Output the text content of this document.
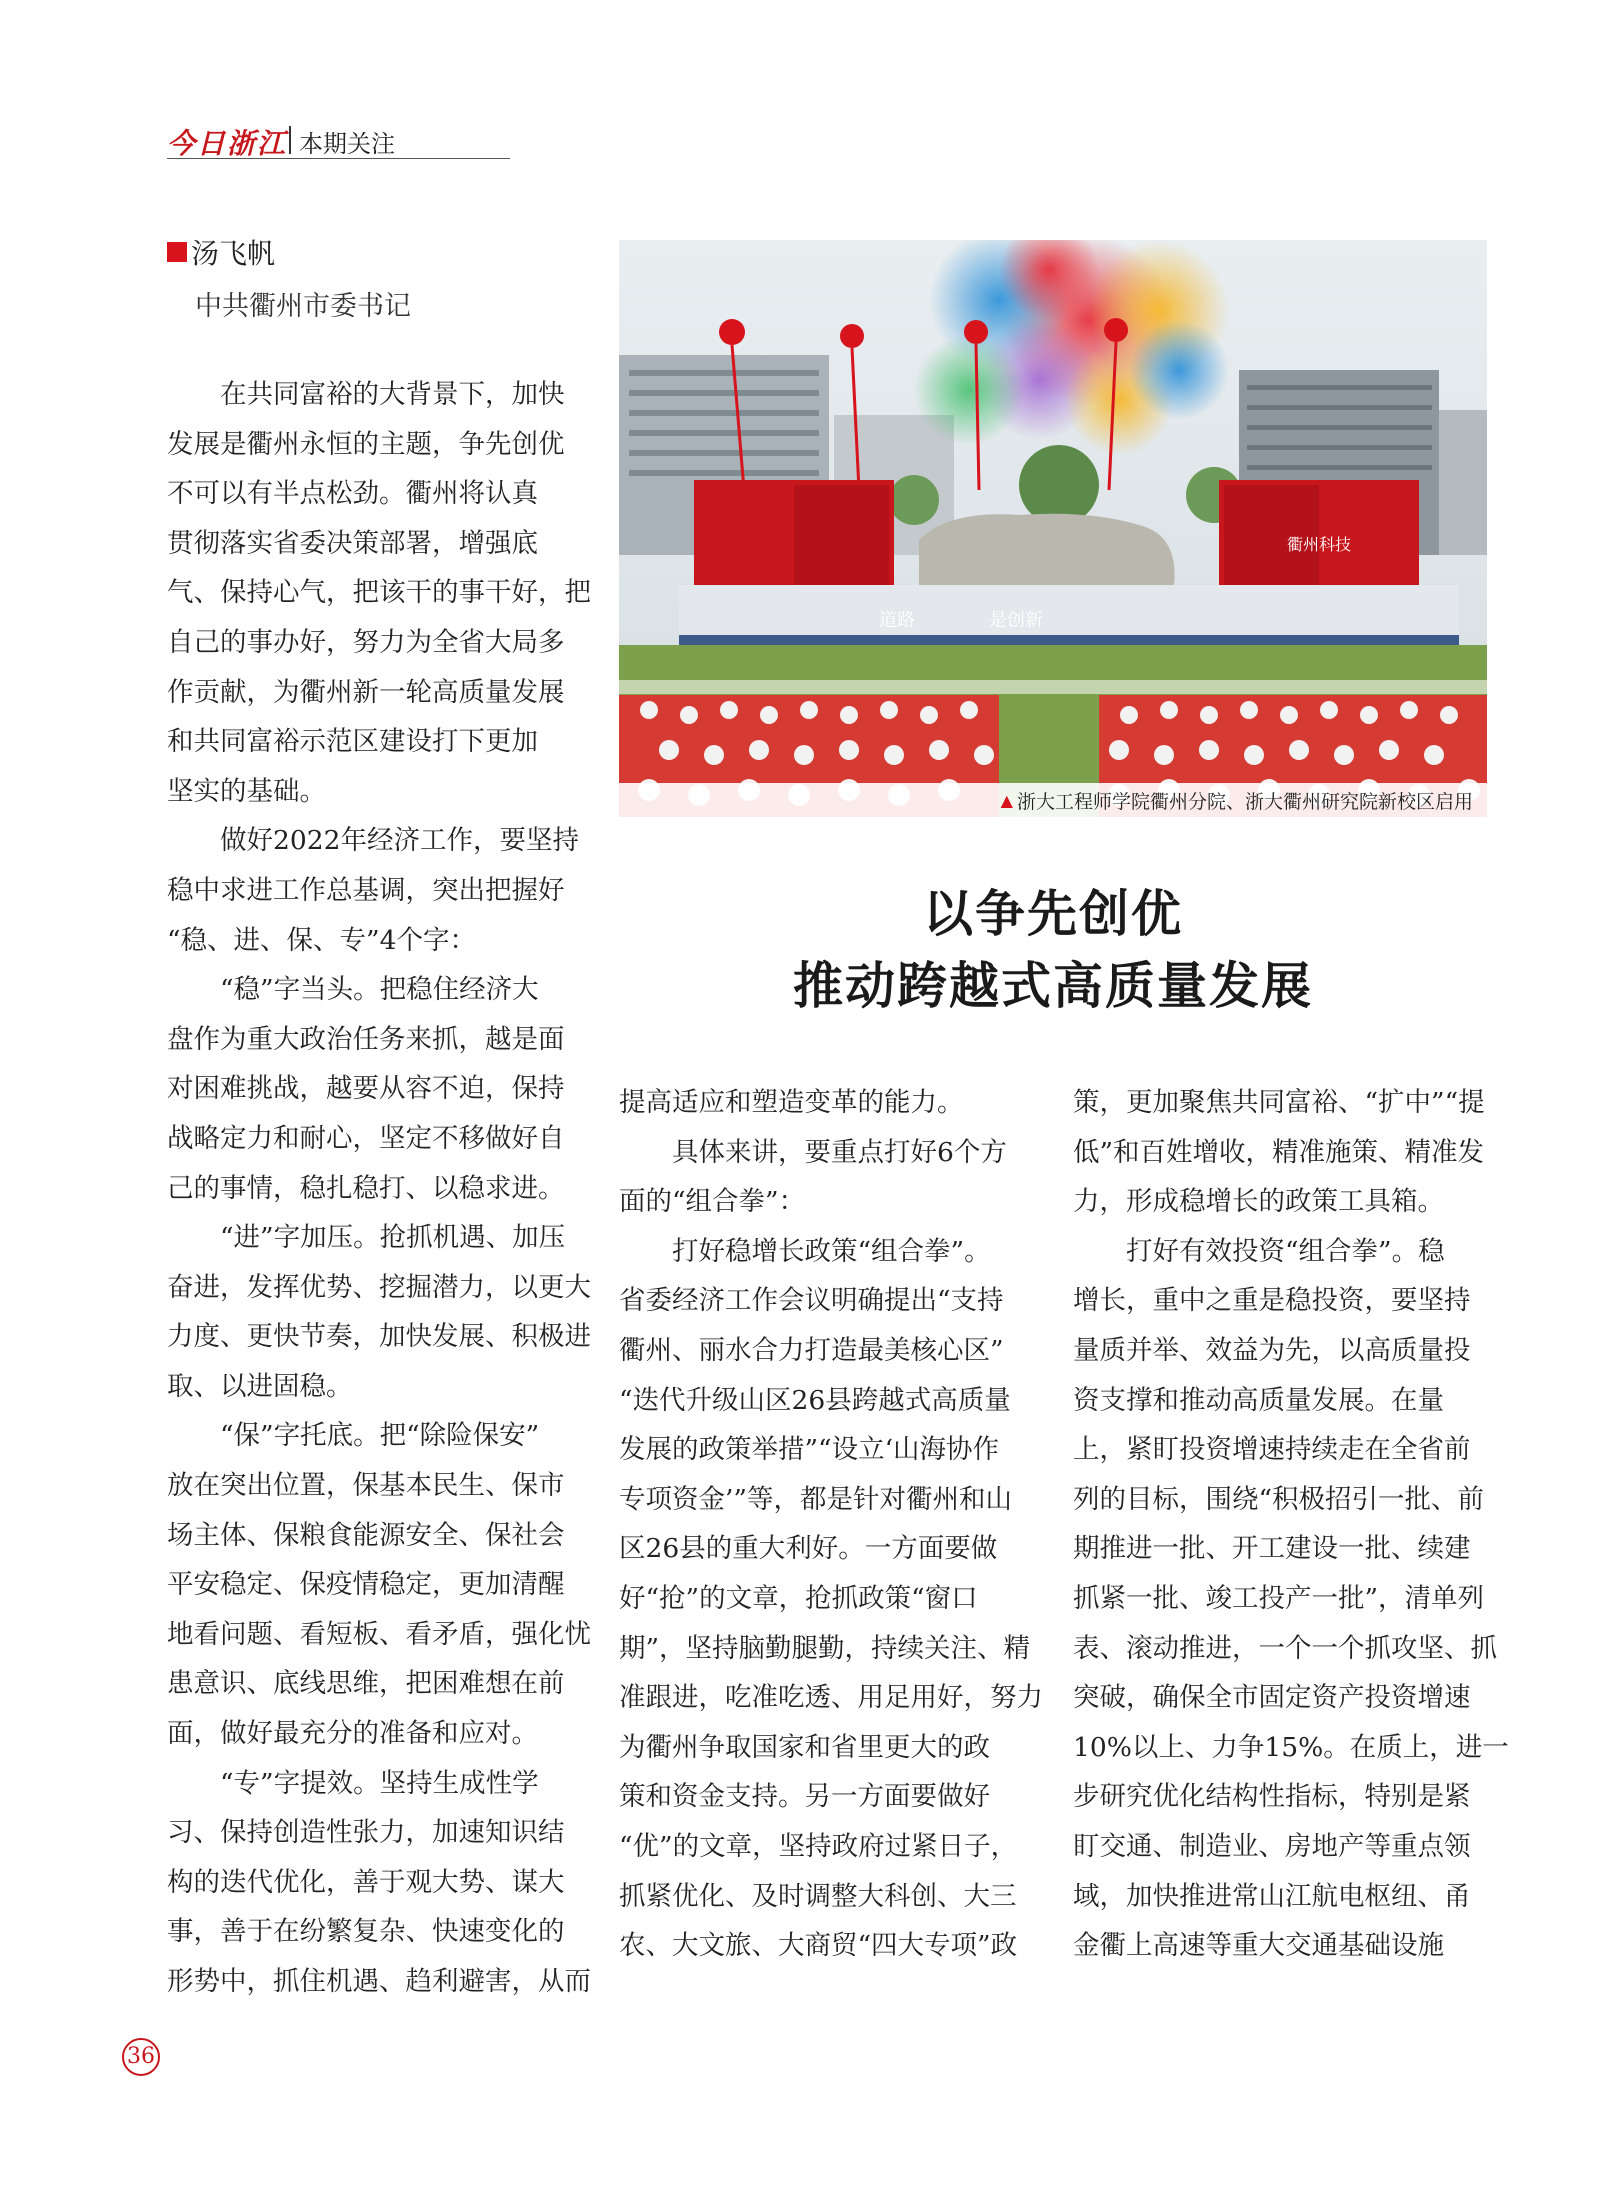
今日浙江 本期关注
汤飞帆
中共衢州市委书记
衢州科技
道路	是创新
▲ 浙大工程师学院衢州分院、浙大衢州研究院新校区启用
以争先创优
推动跨越式高质量发展
　　在共同富裕的大背景下，加快
发展是衢州永恒的主题，争先创优
不可以有半点松劲。衢州将认真
贯彻落实省委决策部署，增强底
气、保持心气，把该干的事干好，把
自己的事办好，努力为全省大局多
作贡献，为衢州新一轮高质量发展
和共同富裕示范区建设打下更加
坚实的基础。
　　做好2022年经济工作，要坚持
稳中求进工作总基调，突出把握好
“稳、进、保、专”4个字：
　　“稳”字当头。把稳住经济大
盘作为重大政治任务来抓，越是面
对困难挑战，越要从容不迫，保持
战略定力和耐心，坚定不移做好自
己的事情，稳扎稳打、以稳求进。
　　“进”字加压。抢抓机遇、加压
奋进，发挥优势、挖掘潜力，以更大
力度、更快节奏，加快发展、积极进
取、以进固稳。
　　“保”字托底。把“除险保安”
放在突出位置，保基本民生、保市
场主体、保粮食能源安全、保社会
平安稳定、保疫情稳定，更加清醒
地看问题、看短板、看矛盾，强化忧
患意识、底线思维，把困难想在前
面，做好最充分的准备和应对。
　　“专”字提效。坚持生成性学
习、保持创造性张力，加速知识结
构的迭代优化，善于观大势、谋大
事，善于在纷繁复杂、快速变化的
形势中，抓住机遇、趋利避害，从而
提高适应和塑造变革的能力。
　　具体来讲，要重点打好6个方
面的“组合拳”：
　　打好稳增长政策“组合拳”。
省委经济工作会议明确提出“支持
衢州、丽水合力打造最美核心区”
“迭代升级山区26县跨越式高质量
发展的政策举措”“设立‘山海协作
专项资金’”等，都是针对衢州和山
区26县的重大利好。一方面要做
好“抢”的文章，抢抓政策“窗口
期”，坚持脑勤腿勤，持续关注、精
准跟进，吃准吃透、用足用好，努力
为衢州争取国家和省里更大的政
策和资金支持。另一方面要做好
“优”的文章，坚持政府过紧日子，
抓紧优化、及时调整大科创、大三
农、大文旅、大商贸“四大专项”政
策，更加聚焦共同富裕、“扩中”“提
低”和百姓增收，精准施策、精准发
力，形成稳增长的政策工具箱。
　　打好有效投资“组合拳”。稳
增长，重中之重是稳投资，要坚持
量质并举、效益为先，以高质量投
资支撑和推动高质量发展。在量
上，紧盯投资增速持续走在全省前
列的目标，围绕“积极招引一批、前
期推进一批、开工建设一批、续建
抓紧一批、竣工投产一批”，清单列
表、滚动推进，一个一个抓攻坚、抓
突破，确保全市固定资产投资增速
10%以上、力争15%。在质上，进一
步研究优化结构性指标，特别是紧
盯交通、制造业、房地产等重点领
域，加快推进常山江航电枢纽、甬
金衢上高速等重大交通基础设施
36
